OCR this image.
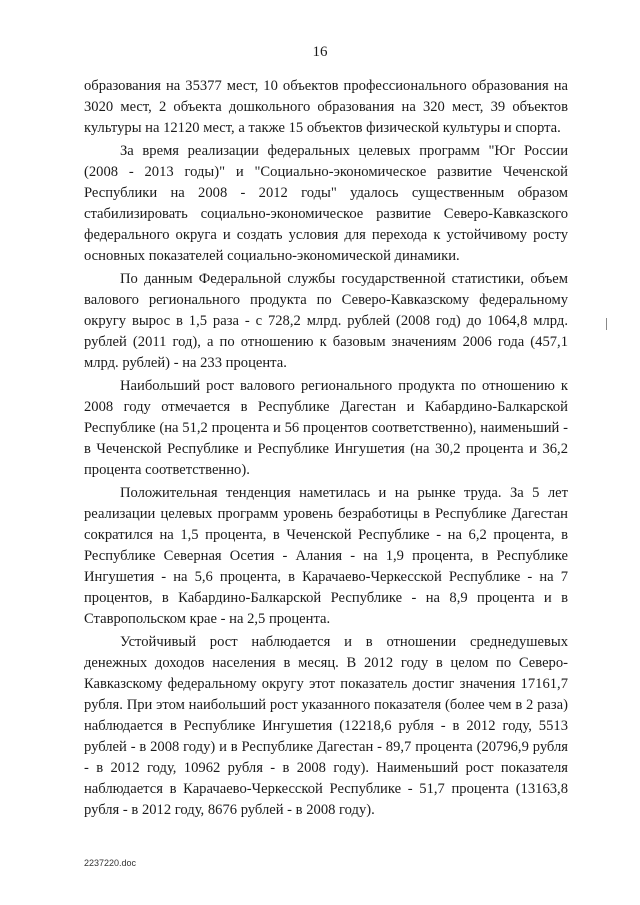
16

образования на 35377 мест, 10 объектов профессионального образования на 3020 мест, 2 объекта дошкольного образования на 320 мест, 39 объектов культуры на 12120 мест, а также 15 объектов физической культуры и спорта.

За время реализации федеральных целевых программ "Юг России (2008 - 2013 годы)" и "Социально-экономическое развитие Чеченской Республики на 2008 - 2012 годы" удалось существенным образом стабилизировать социально-экономическое развитие Северо-Кавказского федерального округа и создать условия для перехода к устойчивому росту основных показателей социально-экономической динамики.

По данным Федеральной службы государственной статистики, объем валового регионального продукта по Северо-Кавказскому федеральному округу вырос в 1,5 раза - с 728,2 млрд. рублей (2008 год) до 1064,8 млрд. рублей (2011 год), а по отношению к базовым значениям 2006 года (457,1 млрд. рублей) - на 233 процента.

Наибольший рост валового регионального продукта по отношению к 2008 году отмечается в Республике Дагестан и Кабардино-Балкарской Республике (на 51,2 процента и 56 процентов соответственно), наименьший - в Чеченской Республике и Республике Ингушетия (на 30,2 процента и 36,2 процента соответственно).

Положительная тенденция наметилась и на рынке труда. За 5 лет реализации целевых программ уровень безработицы в Республике Дагестан сократился на 1,5 процента, в Чеченской Республике - на 6,2 процента, в Республике Северная Осетия - Алания - на 1,9 процента, в Республике Ингушетия - на 5,6 процента, в Карачаево-Черкесской Республике - на 7 процентов, в Кабардино-Балкарской Республике - на 8,9 процента и в Ставропольском крае - на 2,5 процента.

Устойчивый рост наблюдается и в отношении среднедушевых денежных доходов населения в месяц. В 2012 году в целом по Северо-Кавказскому федеральному округу этот показатель достиг значения 17161,7 рубля. При этом наибольший рост указанного показателя (более чем в 2 раза) наблюдается в Республике Ингушетия (12218,6 рубля - в 2012 году, 5513 рублей - в 2008 году) и в Республике Дагестан - 89,7 процента (20796,9 рубля - в 2012 году, 10962 рубля - в 2008 году). Наименьший рост показателя наблюдается в Карачаево-Черкесской Республике - 51,7 процента (13163,8 рубля - в 2012 году, 8676 рублей - в 2008 году).

2237220.doc
